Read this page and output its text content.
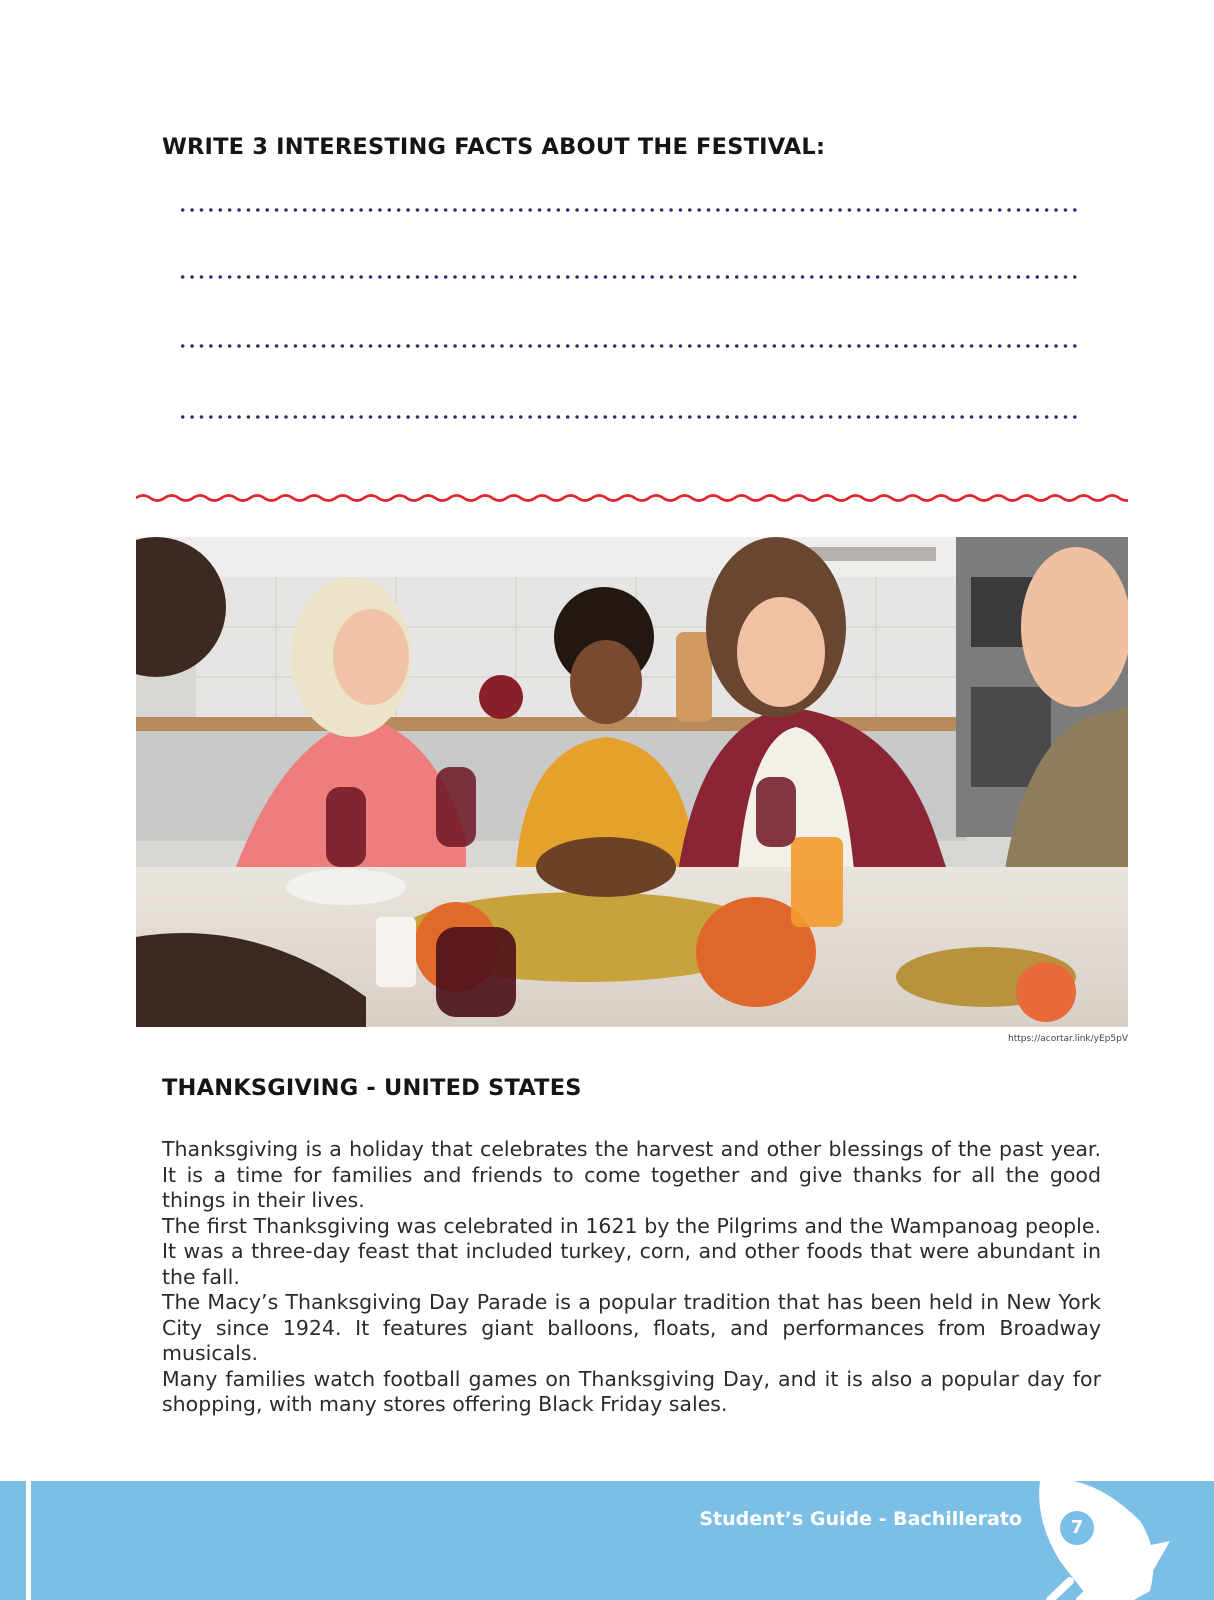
WRITE 3 INTERESTING FACTS ABOUT THE FESTIVAL:
https://acortar.link/yEp5pV
THANKSGIVING - UNITED STATES

Thanksgiving is a holiday that celebrates the harvest and other blessings of the past year. It is a time for families and friends to come together and give thanks for all the good things in their lives.

The first Thanksgiving was celebrated in 1621 by the Pilgrims and the Wampanoag people. It was a three-day feast that included turkey, corn, and other foods that were abundant in the fall.

The Macy’s Thanksgiving Day Parade is a popular tradition that has been held in New York City since 1924. It features giant balloons, floats, and performances from Broadway musicals.

Many families watch football games on Thanksgiving Day, and it is also a popular day for shopping, with many stores offering Black Friday sales.

Student’s Guide - Bachillerato	7
